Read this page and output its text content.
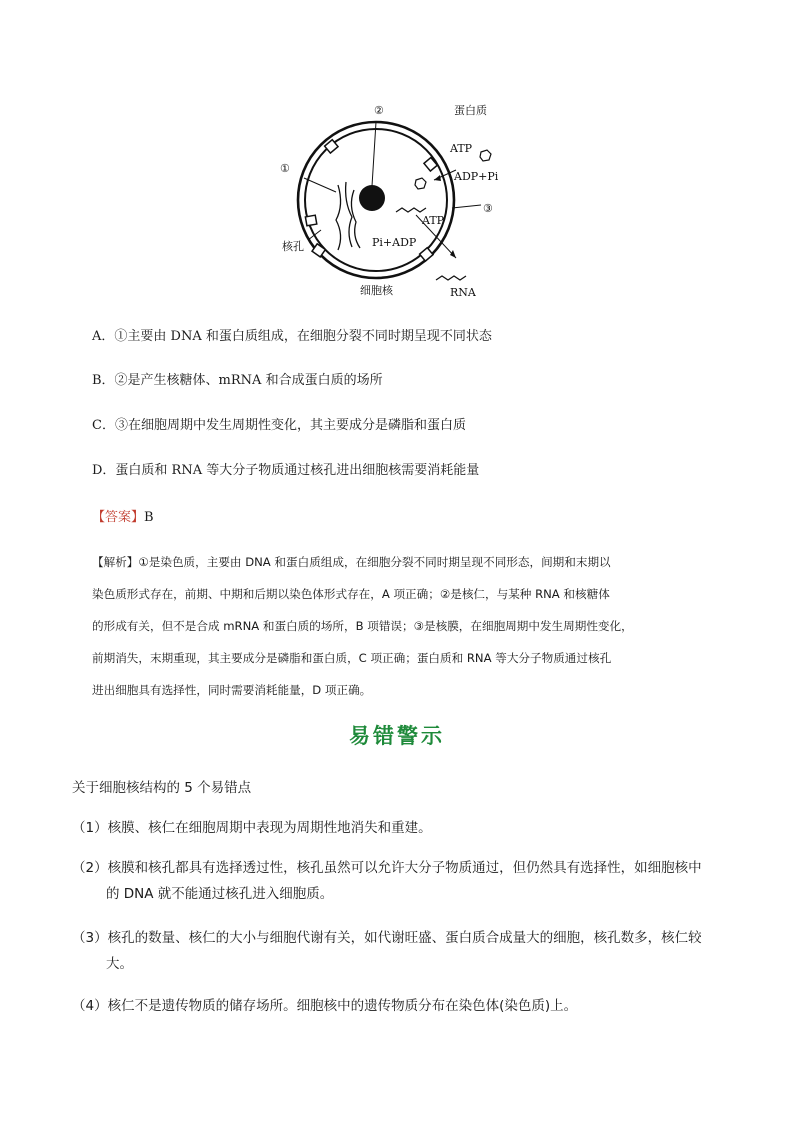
②	蛋白质
①
ATP
ADP+Pi
③
ATP
Pi+ADP
核孔
细胞核	RNA
A．①主要由 DNA 和蛋白质组成，在细胞分裂不同时期呈现不同状态
B．②是产生核糖体、mRNA 和合成蛋白质的场所
C．③在细胞周期中发生周期性变化，其主要成分是磷脂和蛋白质
D．蛋白质和 RNA 等大分子物质通过核孔进出细胞核需要消耗能量
【答案】B
【解析】①是染色质，主要由 DNA 和蛋白质组成，在细胞分裂不同时期呈现不同形态，间期和末期以
染色质形式存在，前期、中期和后期以染色体形式存在，A 项正确；②是核仁，与某种 RNA 和核糖体
的形成有关，但不是合成 mRNA 和蛋白质的场所，B 项错误；③是核膜，在细胞周期中发生周期性变化，
前期消失，末期重现，其主要成分是磷脂和蛋白质，C 项正确；蛋白质和 RNA 等大分子物质通过核孔
进出细胞具有选择性，同时需要消耗能量，D 项正确。
易错警示
关于细胞核结构的 5 个易错点
（1）核膜、核仁在细胞周期中表现为周期性地消失和重建。
（2）核膜和核孔都具有选择透过性，核孔虽然可以允许大分子物质通过，但仍然具有选择性，如细胞核中
的 DNA 就不能通过核孔进入细胞质。
（3）核孔的数量、核仁的大小与细胞代谢有关，如代谢旺盛、蛋白质合成量大的细胞，核孔数多，核仁较
大。
（4）核仁不是遗传物质的储存场所。细胞核中的遗传物质分布在染色体(染色质)上。
